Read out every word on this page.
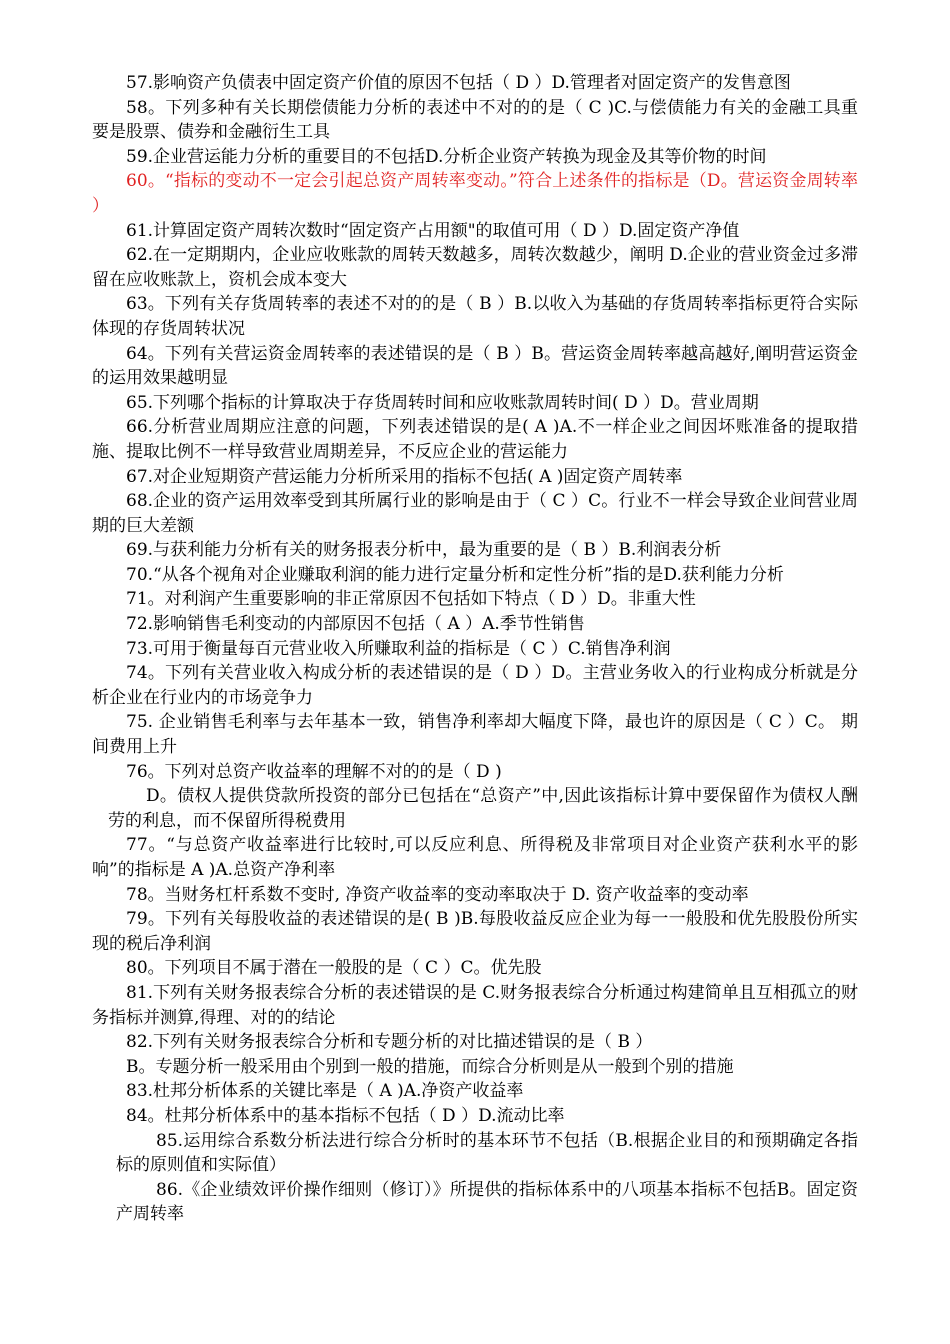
57.影响资产负债表中固定资产价值的原因不包括（ D ）D.管理者对固定资产的发售意图

58。下列多种有关长期偿债能力分析的表述中不对的的是（ C )C.与偿债能力有关的金融工具重要是股票、债券和金融衍生工具

59.企业营运能力分析的重要目的不包括D.分析企业资产转换为现金及其等价物的时间

60。“指标的变动不一定会引起总资产周转率变动。”符合上述条件的指标是（D。营运资金周转率 ）

61.计算固定资产周转次数时“固定资产占用额"的取值可用（ D ）D.固定资产净值

62.在一定期期内，企业应收账款的周转天数越多，周转次数越少，阐明 D.企业的营业资金过多滞留在应收账款上，资机会成本变大

63。下列有关存货周转率的表述不对的的是（ B ）B.以收入为基础的存货周转率指标更符合实际体现的存货周转状况

64。下列有关营运资金周转率的表述错误的是（ B ）B。营运资金周转率越高越好,阐明营运资金的运用效果越明显

65.下列哪个指标的计算取决于存货周转时间和应收账款周转时间( D ）D。营业周期

66.分析营业周期应注意的问题，下列表述错误的是( A )A.不一样企业之间因坏账准备的提取措施、提取比例不一样导致营业周期差异，不反应企业的营运能力

67.对企业短期资产营运能力分析所采用的指标不包括( A )固定资产周转率

68.企业的资产运用效率受到其所属行业的影响是由于（ C ）C。行业不一样会导致企业间营业周期的巨大差额

69.与获利能力分析有关的财务报表分析中，最为重要的是（ B ）B.利润表分析

70.“从各个视角对企业赚取利润的能力进行定量分析和定性分析”指的是D.获利能力分析

71。对利润产生重要影响的非正常原因不包括如下特点（ D ）D。非重大性

72.影响销售毛利变动的内部原因不包括（ A ）A.季节性销售

73.可用于衡量每百元营业收入所赚取利益的指标是（ C ）C.销售净利润

74。下列有关营业收入构成分析的表述错误的是（ D ）D。主营业务收入的行业构成分析就是分析企业在行业内的市场竞争力

75. 企业销售毛利率与去年基本一致，销售净利率却大幅度下降，最也许的原因是（ C ）C。 期间费用上升

76。下列对总资产收益率的理解不对的的是（ D )

D。债权人提供贷款所投资的部分已包括在“总资产”中,因此该指标计算中要保留作为债权人酬劳的利息，而不保留所得税费用

77。“与总资产收益率进行比较时,可以反应利息、所得税及非常项目对企业资产获利水平的影响”的指标是 A )A.总资产净利率

78。当财务杠杆系数不变时, 净资产收益率的变动率取决于 D. 资产收益率的变动率

79。下列有关每股收益的表述错误的是( B )B.每股收益反应企业为每一一般股和优先股股份所实现的税后净利润

80。下列项目不属于潜在一般股的是（ C ）C。优先股

81.下列有关财务报表综合分析的表述错误的是 C.财务报表综合分析通过构建简单且互相孤立的财务指标并测算,得理、对的的结论

82.下列有关财务报表综合分析和专题分析的对比描述错误的是（ B ）

B。专题分析一般采用由个别到一般的措施，而综合分析则是从一般到个别的措施

83.杜邦分析体系的关键比率是（ A )A.净资产收益率

84。杜邦分析体系中的基本指标不包括（ D ）D.流动比率

85.运用综合系数分析法进行综合分析时的基本环节不包括（B.根据企业目的和预期确定各指标的原则值和实际值）

86.《企业绩效评价操作细则（修订）》所提供的指标体系中的八项基本指标不包括B。固定资产周转率
